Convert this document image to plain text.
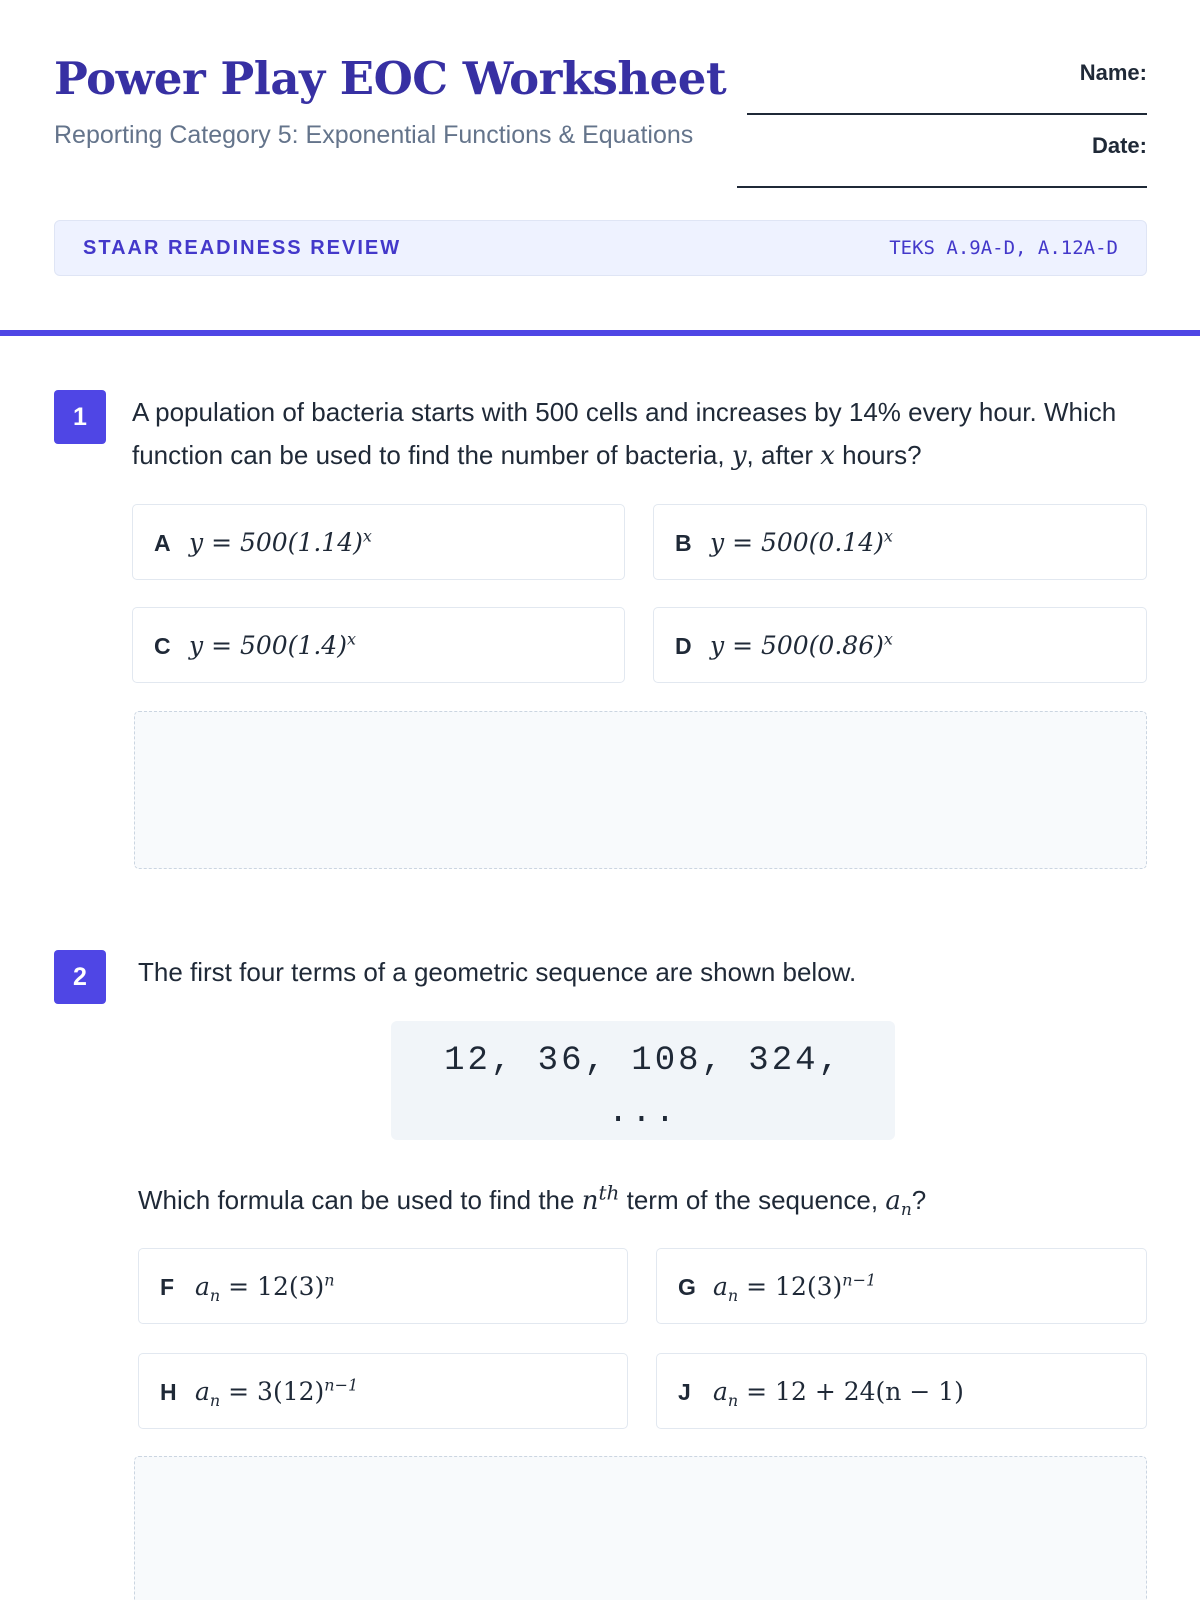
Power Play EOC Worksheet
Reporting Category 5: Exponential Functions & Equations
Name:
Date:
STAAR READINESS REVIEW	TEKS A.9A-D, A.12A-D
1	A population of bacteria starts with 500 cells and increases by 14% every hour. Which function can be used to find the number of bacteria, y, after x hours?
A $y = 500(1.14)^x$	B $y = 500(0.14)^x$
C $y = 500(1.4)^x$	D $y = 500(0.86)^x$
2	The first four terms of a geometric sequence are shown below.
12, 36, 108, 324, ...
Which formula can be used to find the $n^{th}$ term of the sequence, $a_n$?
F $a_n = 12(3)^n$	G $a_n = 12(3)^{n-1}$
H $a_n = 3(12)^{n-1}$	J $a_n = 12 + 24(n - 1)$
